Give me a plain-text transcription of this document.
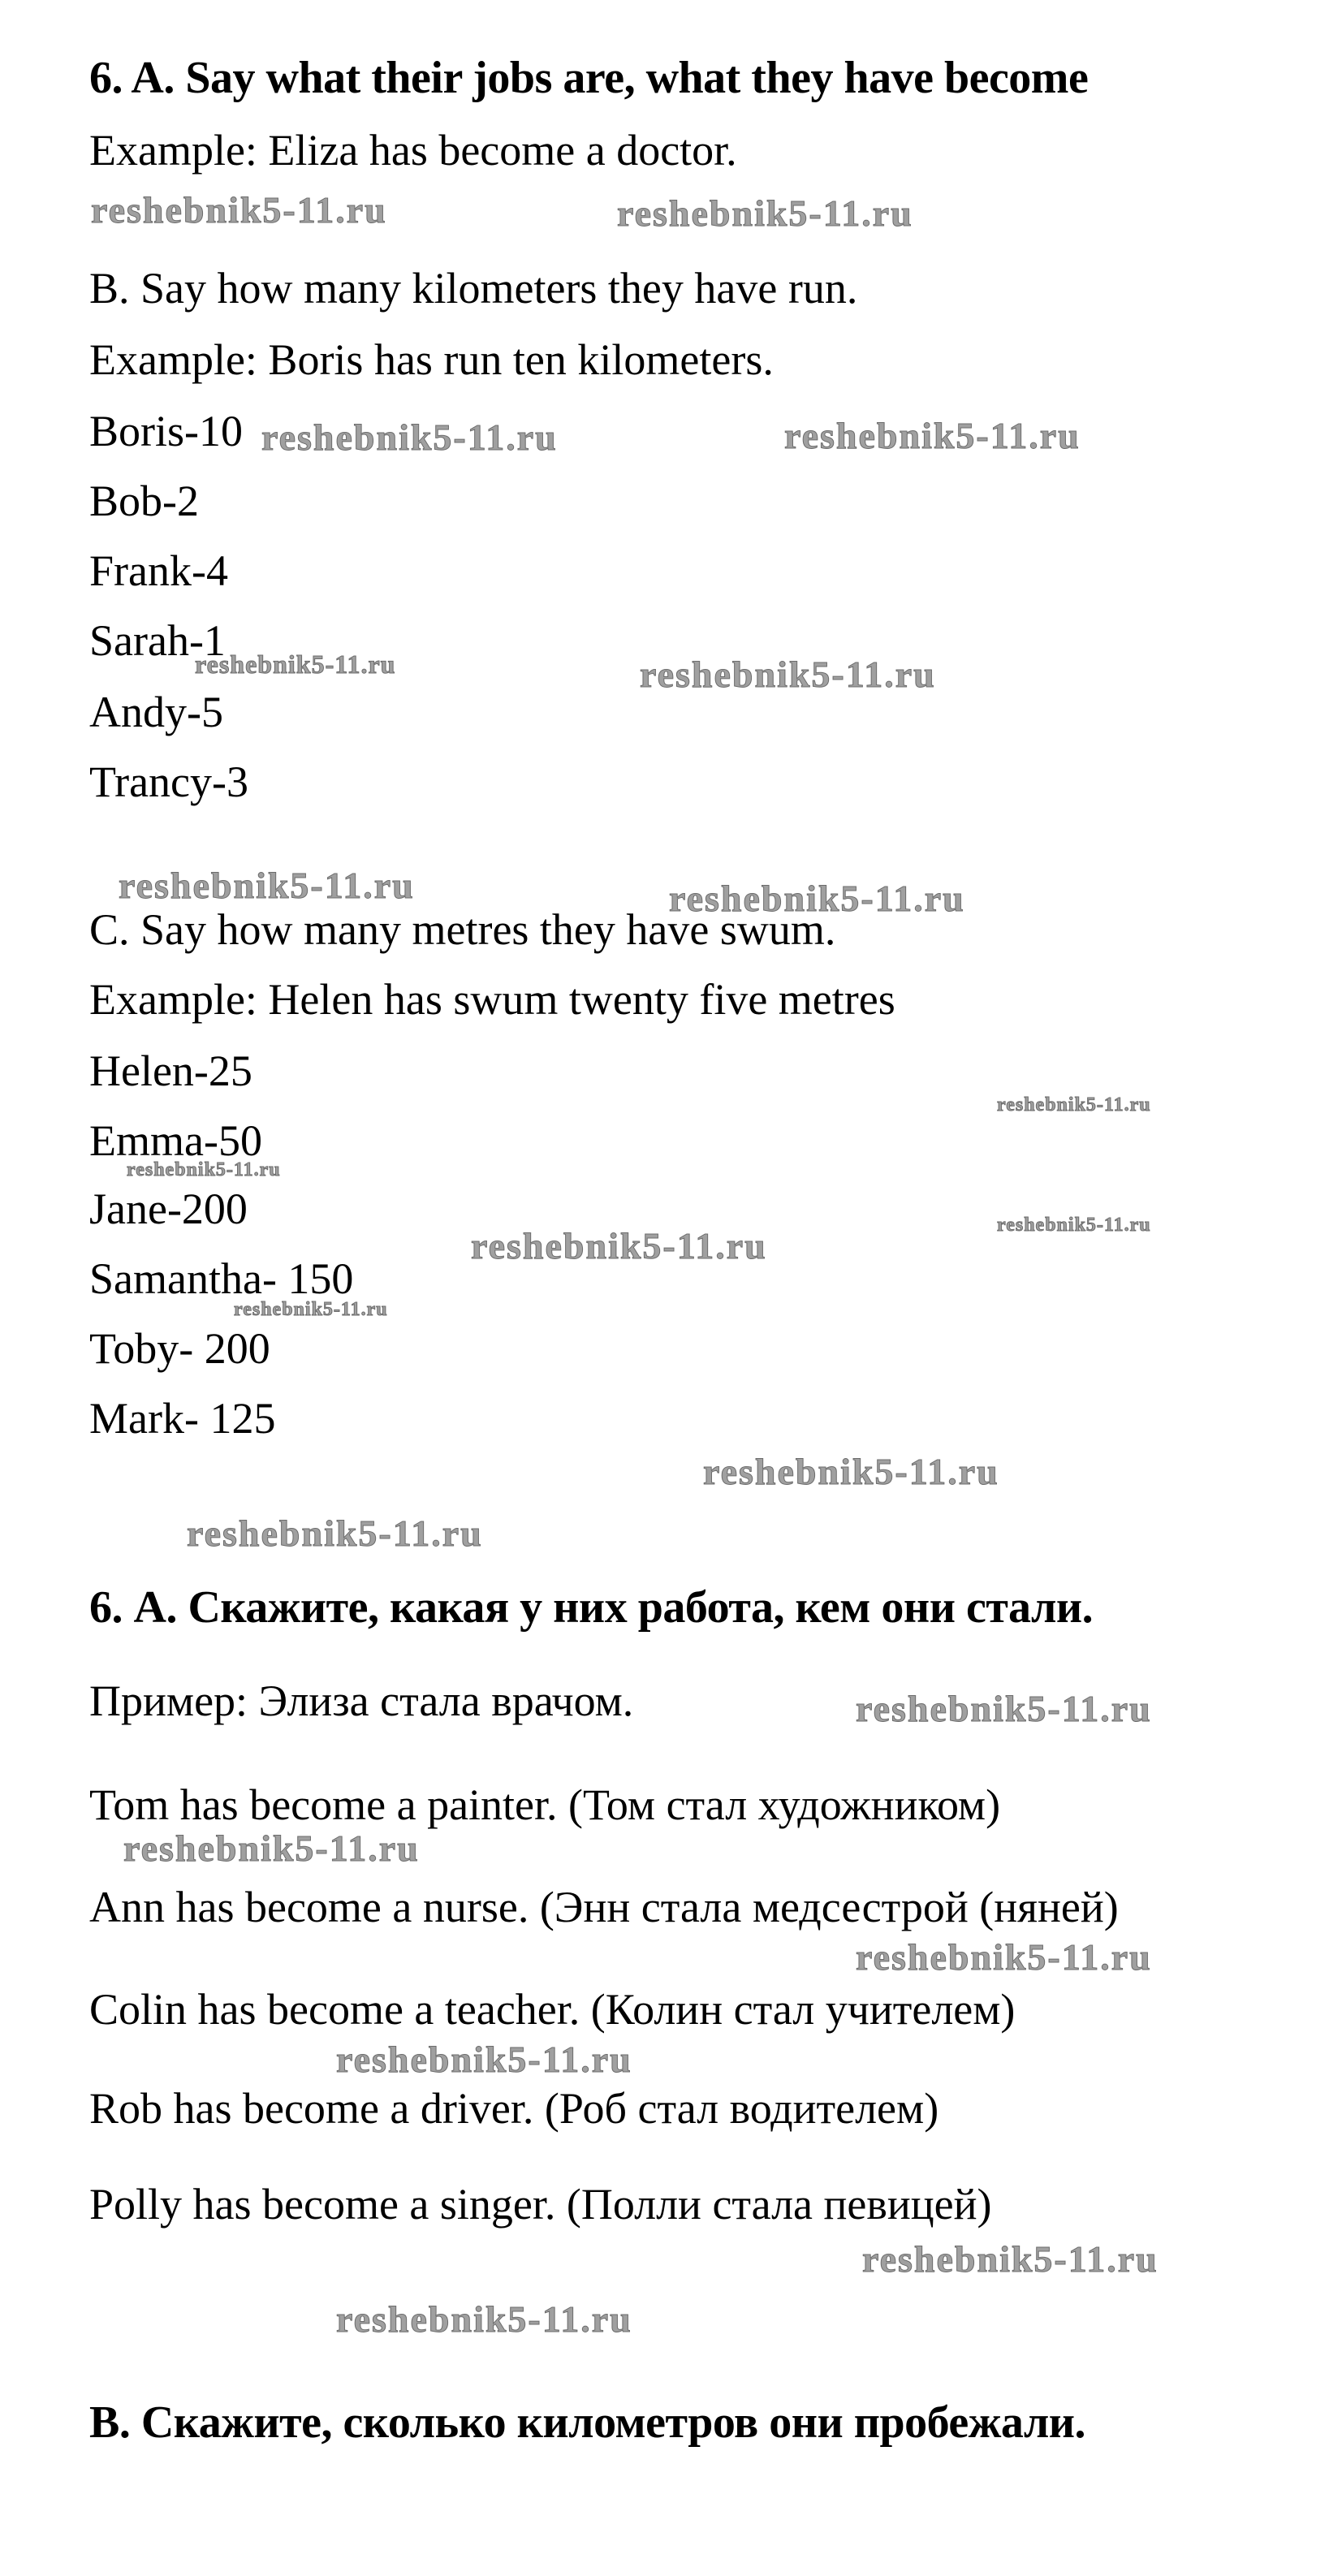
6. A. Say what their jobs are, what they have become
Example: Eliza has become a doctor.
B. Say how many kilometers they have run.
Example: Boris has run ten kilometers.
Boris-10
Bob-2
Frank-4
Sarah-1
Andy-5
Trancy-3
C. Say how many metres they have swum.
Example: Helen has swum twenty five metres
Helen-25
Emma-50
Jane-200
Samantha- 150
Toby- 200
Mark- 125
6. А. Скажите, какая у них работа, кем они стали.
Пример: Элиза стала врачом.
Tom has become a painter. (Том стал художником)
Ann has become a nurse. (Энн стала медсестрой (няней)
Colin has become a teacher. (Колин стал учителем)
Rob has become a driver. (Роб стал водителем)
Polly has become a singer. (Полли стала певицей)
В. Скажите, сколько километров они пробежали.
reshebnik5-11.ru	reshebnik5-11.ru
reshebnik5-11.ru	reshebnik5-11.ru
reshebnik5-11.ru	reshebnik5-11.ru
reshebnik5-11.ru	reshebnik5-11.ru
reshebnik5-11.ru
reshebnik5-11.ru
reshebnik5-11.ru
reshebnik5-11.ru
reshebnik5-11.ru
reshebnik5-11.ru
reshebnik5-11.ru
reshebnik5-11.ru
reshebnik5-11.ru
reshebnik5-11.ru
reshebnik5-11.ru
reshebnik5-11.ru
reshebnik5-11.ru
